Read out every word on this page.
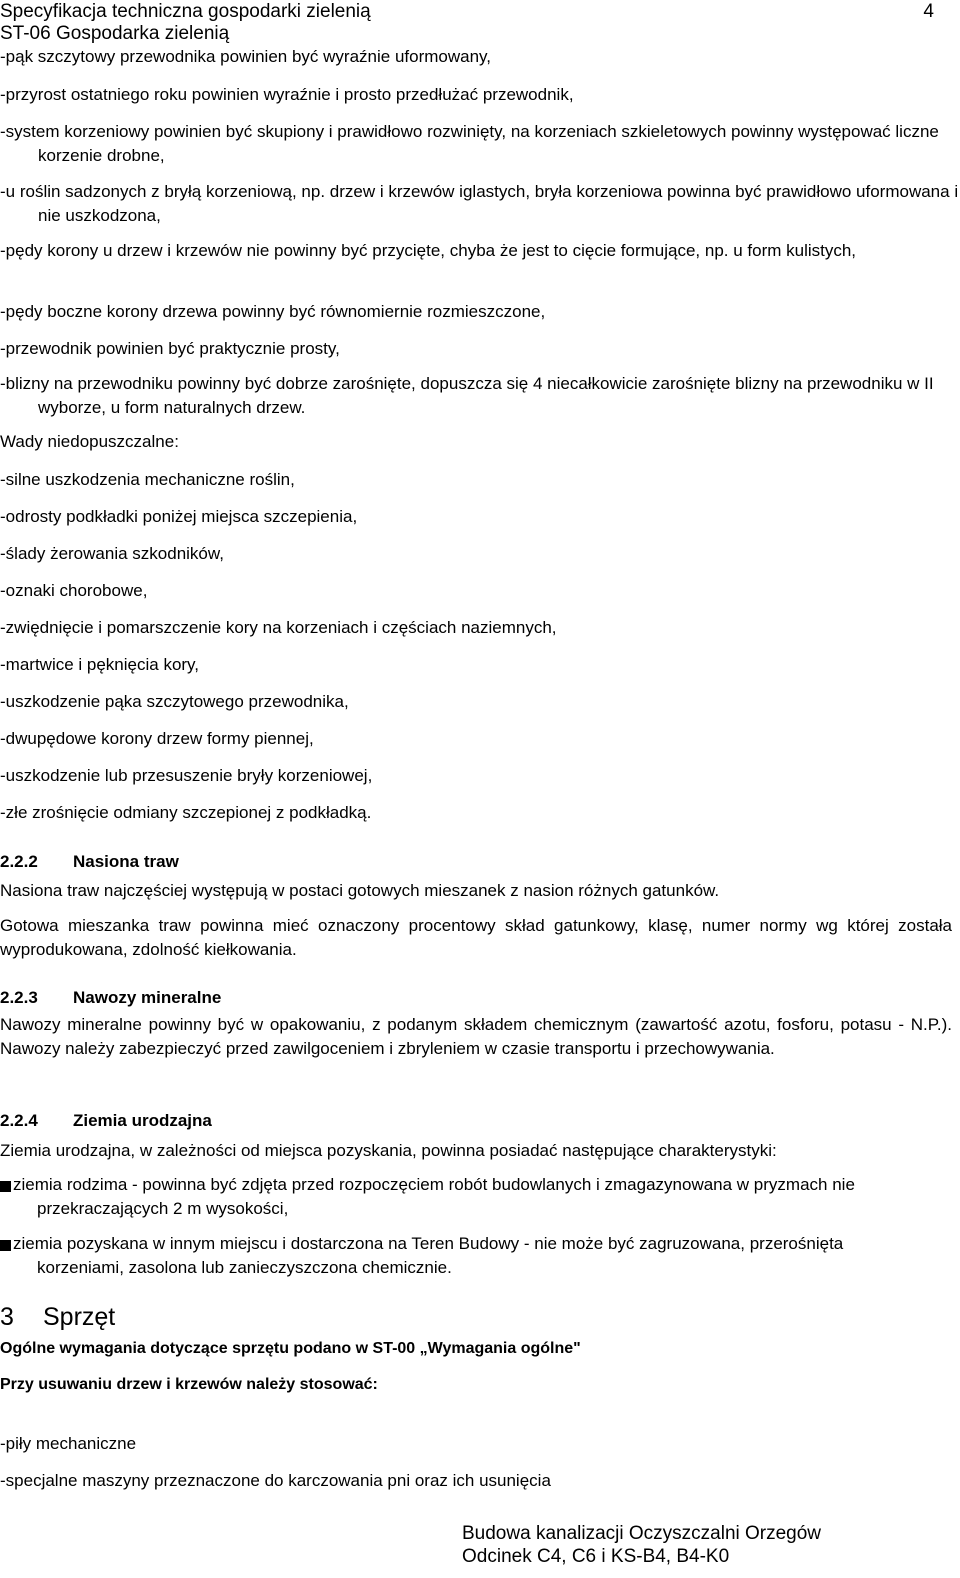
Specyfikacja techniczna gospodarki zielenią
ST-06 Gospodarka zielenią
4
-pąk szczytowy przewodnika powinien być wyraźnie uformowany,
-przyrost ostatniego roku powinien wyraźnie i prosto przedłużać przewodnik,
-system korzeniowy powinien być skupiony i prawidłowo rozwinięty, na korzeniach szkieletowych powinny występować liczne korzenie drobne,
-u roślin sadzonych z bryłą korzeniową, np. drzew i krzewów iglastych, bryła korzeniowa powinna być prawidłowo uformowana i nie uszkodzona,
-pędy korony u drzew i krzewów nie powinny być przycięte, chyba że jest to cięcie formujące, np. u form kulistych,
-pędy boczne korony drzewa powinny być równomiernie rozmieszczone,
-przewodnik powinien być praktycznie prosty,
-blizny na przewodniku powinny być dobrze zarośnięte, dopuszcza się 4 niecałkowicie zarośnięte blizny na przewodniku w II wyborze, u form naturalnych drzew.
Wady niedopuszczalne:
-silne uszkodzenia mechaniczne roślin,
-odrosty podkładki poniżej miejsca szczepienia,
-ślady żerowania szkodników,
-oznaki chorobowe,
-zwiędnięcie i pomarszczenie kory na korzeniach i częściach naziemnych,
-martwice i pęknięcia kory,
-uszkodzenie pąka szczytowego przewodnika,
-dwupędowe korony drzew formy piennej,
-uszkodzenie lub przesuszenie bryły korzeniowej,
-złe zrośnięcie odmiany szczepionej z podkładką.
2.2.2 Nasiona traw
Nasiona traw najczęściej występują w postaci gotowych mieszanek z nasion różnych gatunków.
Gotowa mieszanka traw powinna mieć oznaczony procentowy skład gatunkowy, klasę, numer normy wg której została wyprodukowana, zdolność kiełkowania.
2.2.3 Nawozy mineralne
Nawozy mineralne powinny być w opakowaniu, z podanym składem chemicznym (zawartość azotu, fosforu, potasu - N.P.). Nawozy należy zabezpieczyć przed zawilgoceniem i zbryleniem w czasie transportu i przechowywania.
2.2.4 Ziemia urodzajna
Ziemia urodzajna, w zależności od miejsca pozyskania, powinna posiadać następujące charakterystyki:
ziemia rodzima - powinna być zdjęta przed rozpoczęciem robót budowlanych i zmagazynowana w pryzmach nie przekraczających 2 m wysokości,
ziemia pozyskana w innym miejscu i dostarczona na Teren Budowy - nie może być zagruzowana, przerośnięta korzeniami, zasolona lub zanieczyszczona chemicznie.
3 Sprzęt
Ogólne wymagania dotyczące sprzętu podano w ST-00 „Wymagania ogólne"
Przy usuwaniu drzew i krzewów należy stosować:
-piły mechaniczne
-specjalne maszyny przeznaczone do karczowania pni oraz ich usunięcia
Budowa kanalizacji Oczyszczalni Orzegów
Odcinek C4, C6 i KS-B4, B4-K0
